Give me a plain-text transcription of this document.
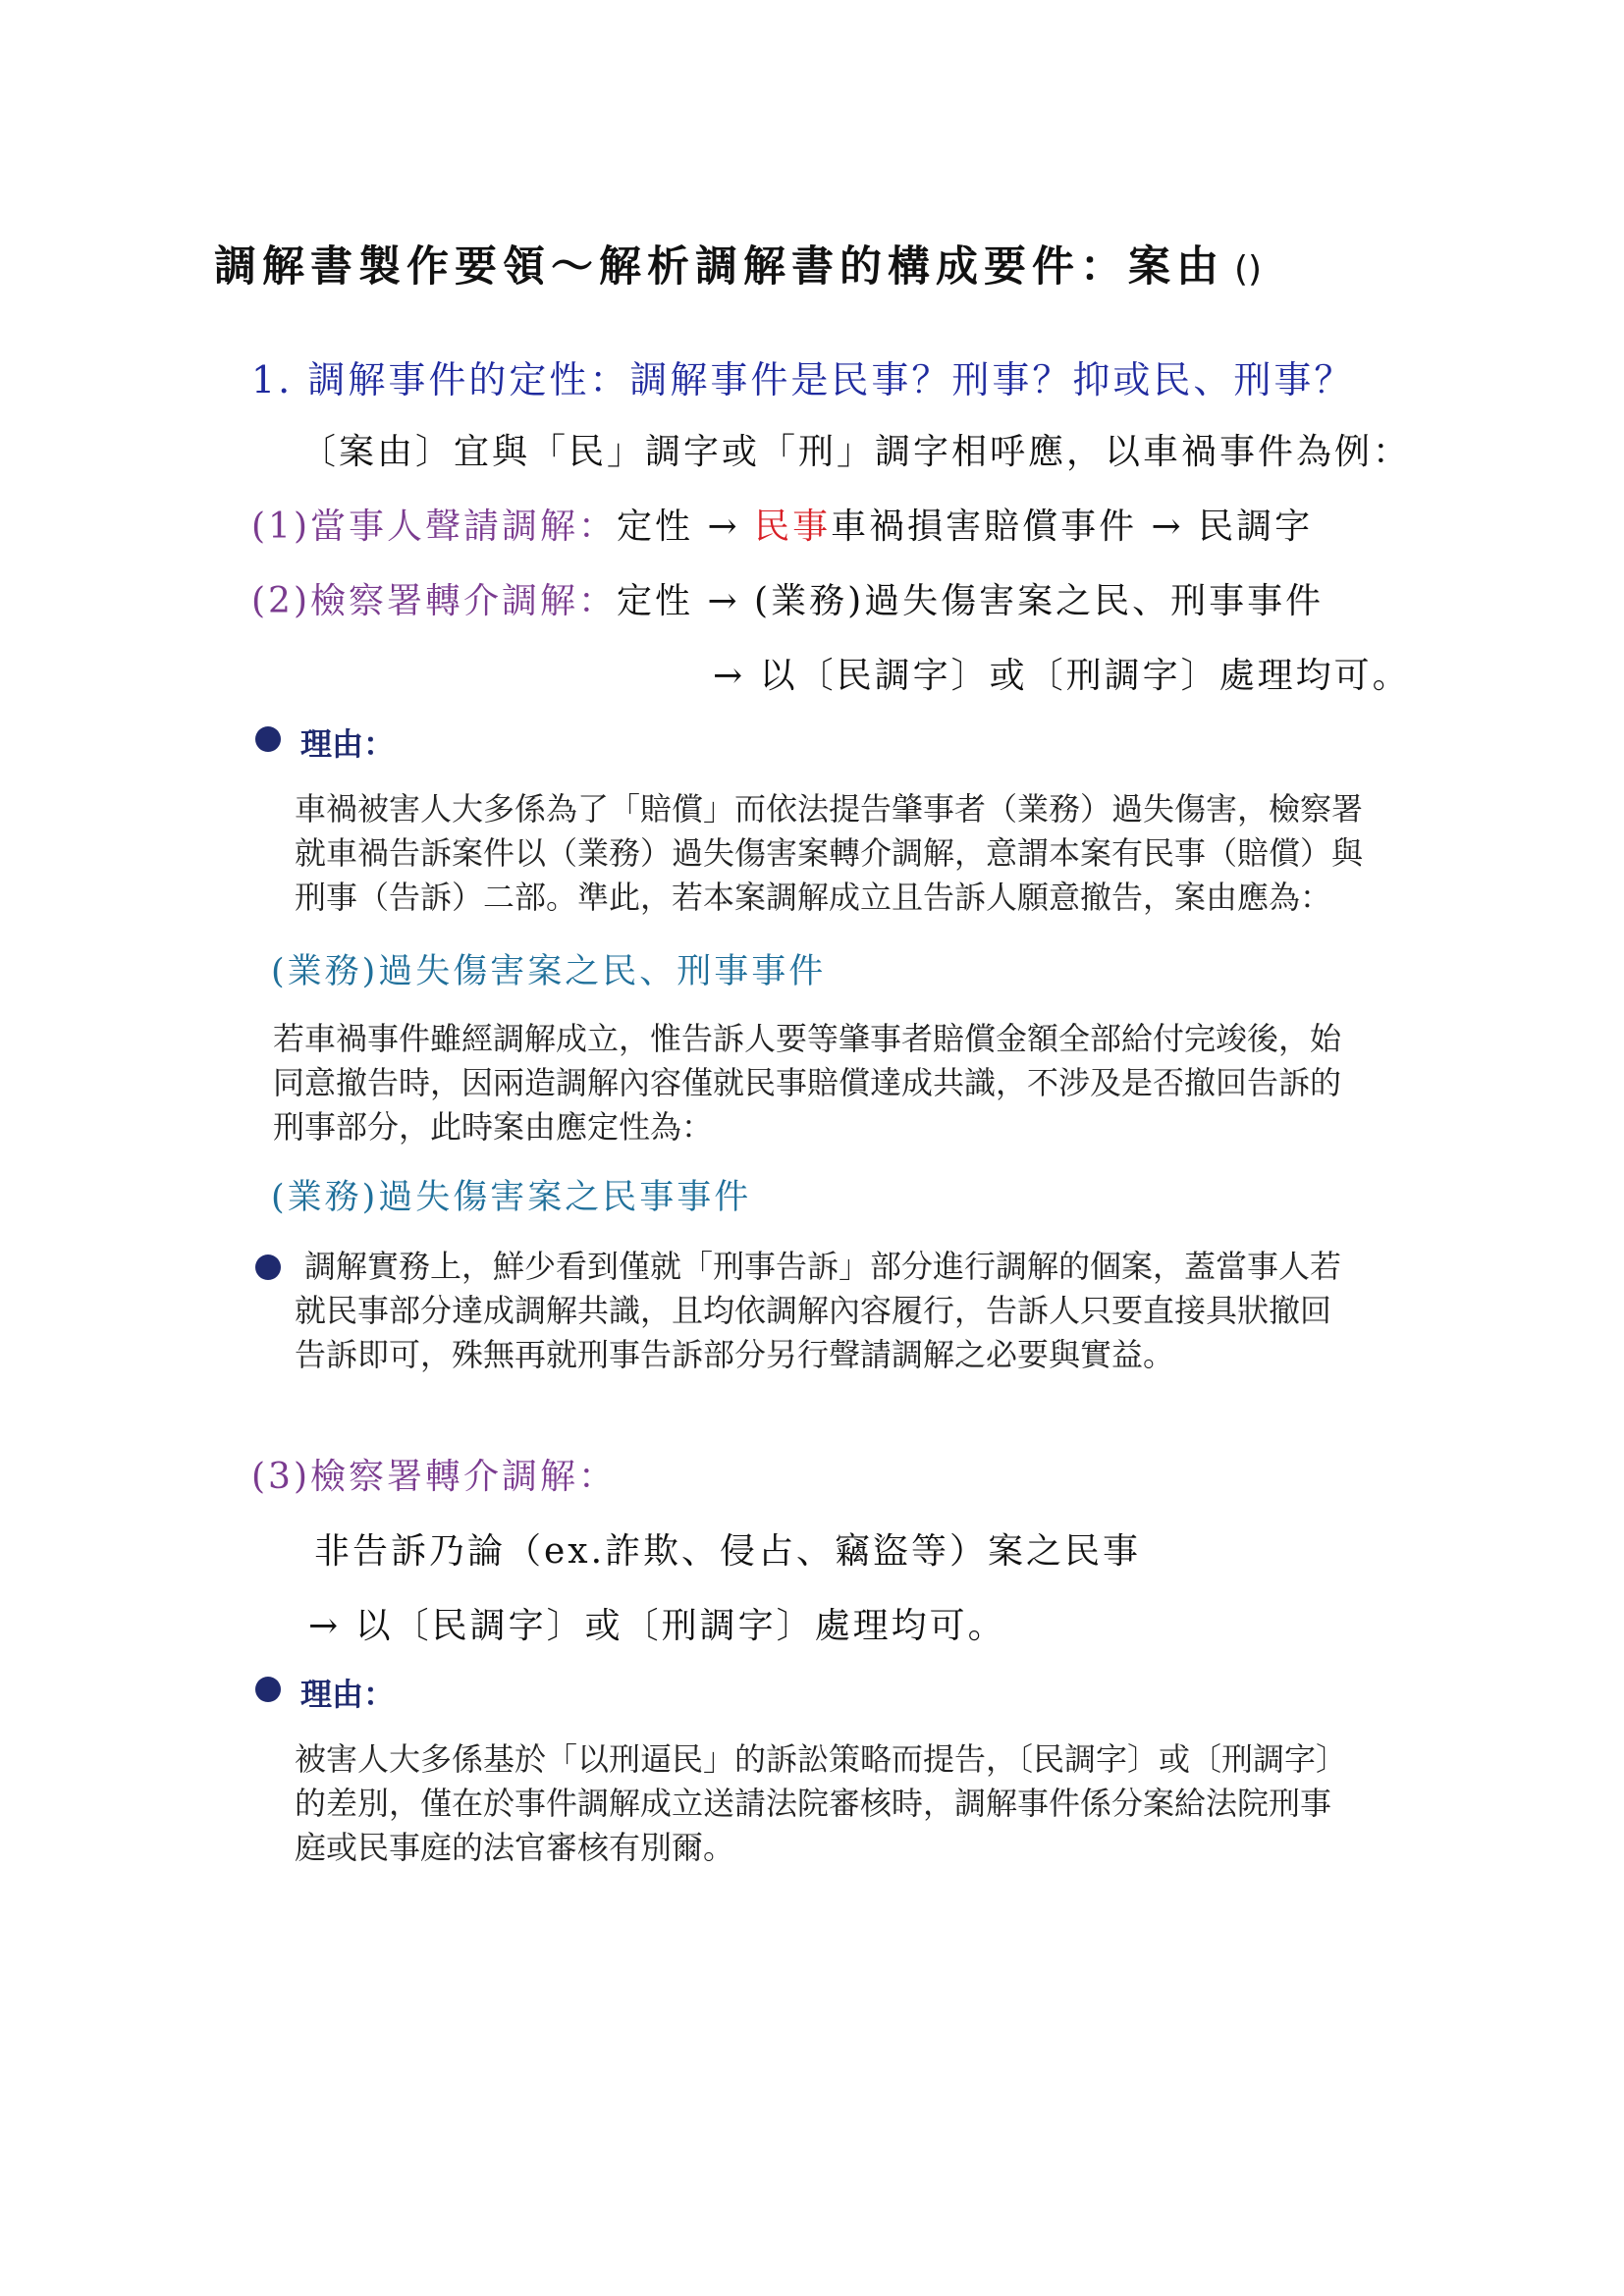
調解書製作要領～解析調解書的構成要件：案由 ()
1. 調解事件的定性：調解事件是民事？刑事？抑或民、刑事？
〔案由〕宜與「民」調字或「刑」調字相呼應，以車禍事件為例：
(1)當事人聲請調解：定性 → 民事車禍損害賠償事件 → 民調字
(2)檢察署轉介調解：定性 → (業務)過失傷害案之民、刑事事件
→ 以〔民調字〕或〔刑調字〕處理均可。
理由：
車禍被害人大多係為了「賠償」而依法提告肇事者（業務）過失傷害，檢察署
就車禍告訴案件以（業務）過失傷害案轉介調解，意謂本案有民事（賠償）與
刑事（告訴）二部。準此，若本案調解成立且告訴人願意撤告，案由應為：
(業務)過失傷害案之民、刑事事件
若車禍事件雖經調解成立，惟告訴人要等肇事者賠償金額全部給付完竣後，始
同意撤告時，因兩造調解內容僅就民事賠償達成共識，不涉及是否撤回告訴的
刑事部分，此時案由應定性為：
(業務)過失傷害案之民事事件
調解實務上，鮮少看到僅就「刑事告訴」部分進行調解的個案，蓋當事人若
就民事部分達成調解共識，且均依調解內容履行，告訴人只要直接具狀撤回
告訴即可，殊無再就刑事告訴部分另行聲請調解之必要與實益。
(3)檢察署轉介調解：
非告訴乃論（ex.詐欺、侵占、竊盜等）案之民事
→ 以〔民調字〕或〔刑調字〕處理均可。
理由：
被害人大多係基於「以刑逼民」的訴訟策略而提告，〔民調字〕或〔刑調字〕
的差別，僅在於事件調解成立送請法院審核時，調解事件係分案給法院刑事
庭或民事庭的法官審核有別爾。
